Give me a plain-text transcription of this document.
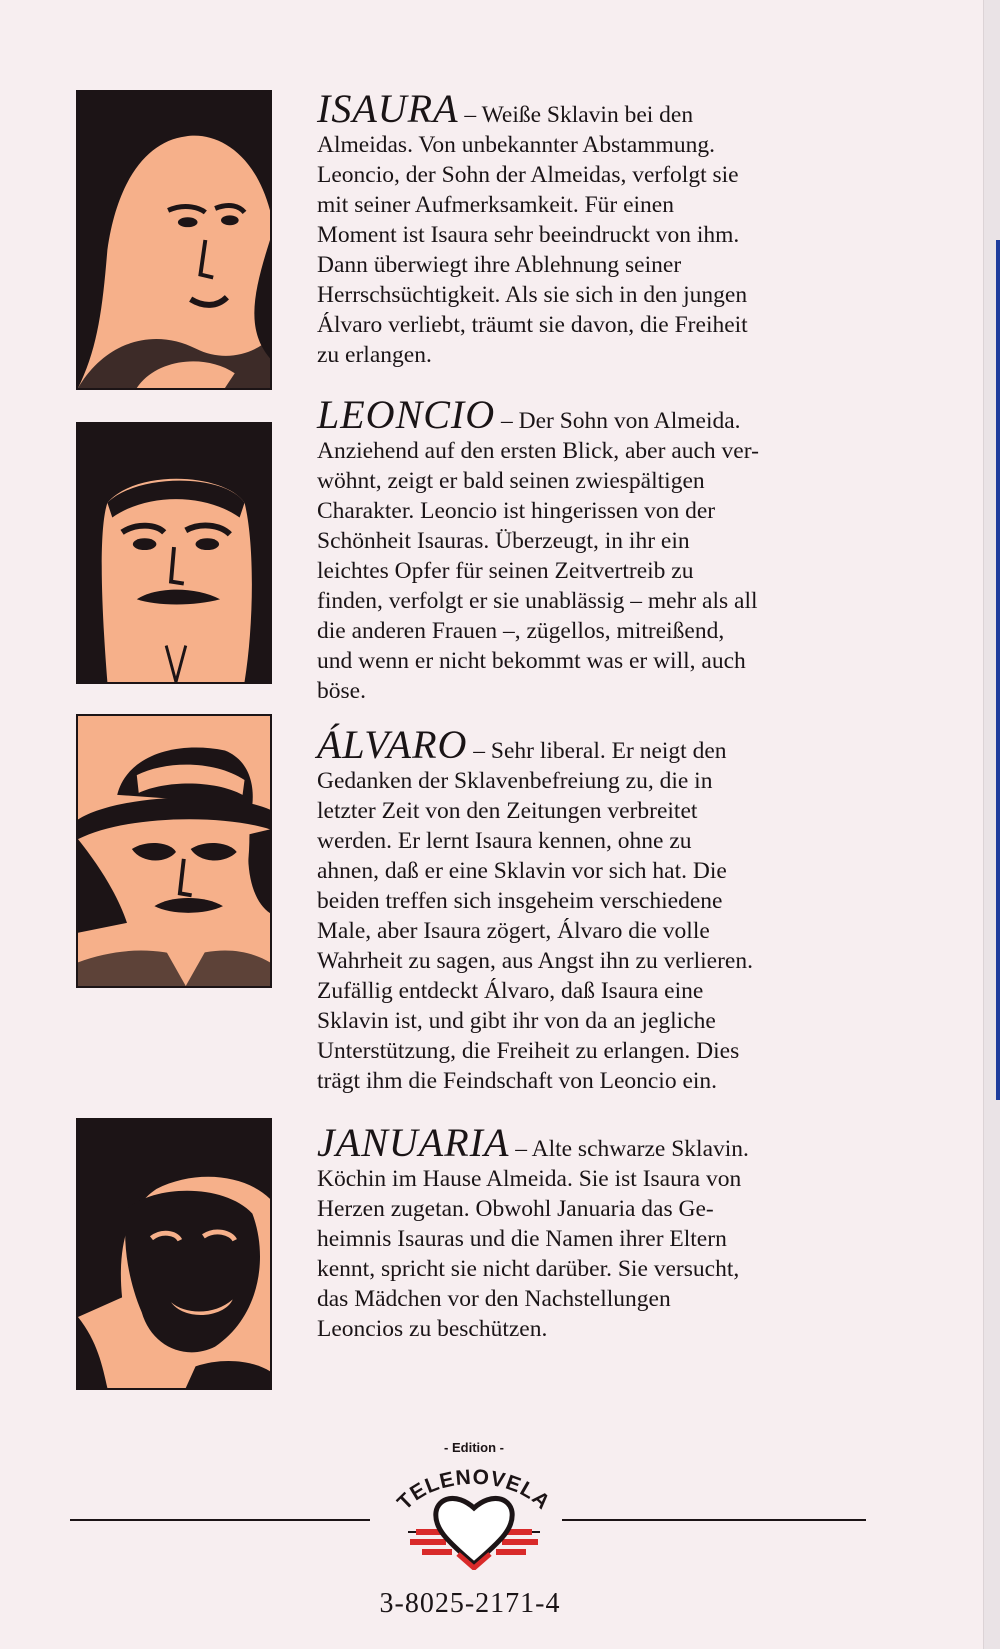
ISAURA – Weiße Sklavin bei den

Almeidas. Von unbekannter Abstammung.

Leoncio, der Sohn der Almeidas, verfolgt sie

mit seiner Aufmerksamkeit. Für einen

Moment ist Isaura sehr beeindruckt von ihm.

Dann überwiegt ihre Ablehnung seiner

Herrschsüchtigkeit. Als sie sich in den jungen

Álvaro verliebt, träumt sie davon, die Freiheit

zu erlangen.

LEONCIO – Der Sohn von Almeida.

Anziehend auf den ersten Blick, aber auch ver-

wöhnt, zeigt er bald seinen zwiespältigen

Charakter. Leoncio ist hingerissen von der

Schönheit Isauras. Überzeugt, in ihr ein

leichtes Opfer für seinen Zeitvertreib zu

finden, verfolgt er sie unablässig – mehr als all

die anderen Frauen –, zügellos, mitreißend,

und wenn er nicht bekommt was er will, auch

böse.

ÁLVARO – Sehr liberal. Er neigt den

Gedanken der Sklavenbefreiung zu, die in

letzter Zeit von den Zeitungen verbreitet

werden. Er lernt Isaura kennen, ohne zu

ahnen, daß er eine Sklavin vor sich hat. Die

beiden treffen sich insgeheim verschiedene

Male, aber Isaura zögert, Álvaro die volle

Wahrheit zu sagen, aus Angst ihn zu verlieren.

Zufällig entdeckt Álvaro, daß Isaura eine

Sklavin ist, und gibt ihr von da an jegliche

Unterstützung, die Freiheit zu erlangen. Dies

trägt ihm die Feindschaft von Leoncio ein.

JANUARIA – Alte schwarze Sklavin.

Köchin im Hause Almeida. Sie ist Isaura von

Herzen zugetan. Obwohl Januaria das Ge-

heimnis Isauras und die Namen ihrer Eltern

kennt, spricht sie nicht darüber. Sie versucht,

das Mädchen vor den Nachstellungen

Leoncios zu beschützen.

- Edition -
TELENOVELA
3-8025-2171-4
